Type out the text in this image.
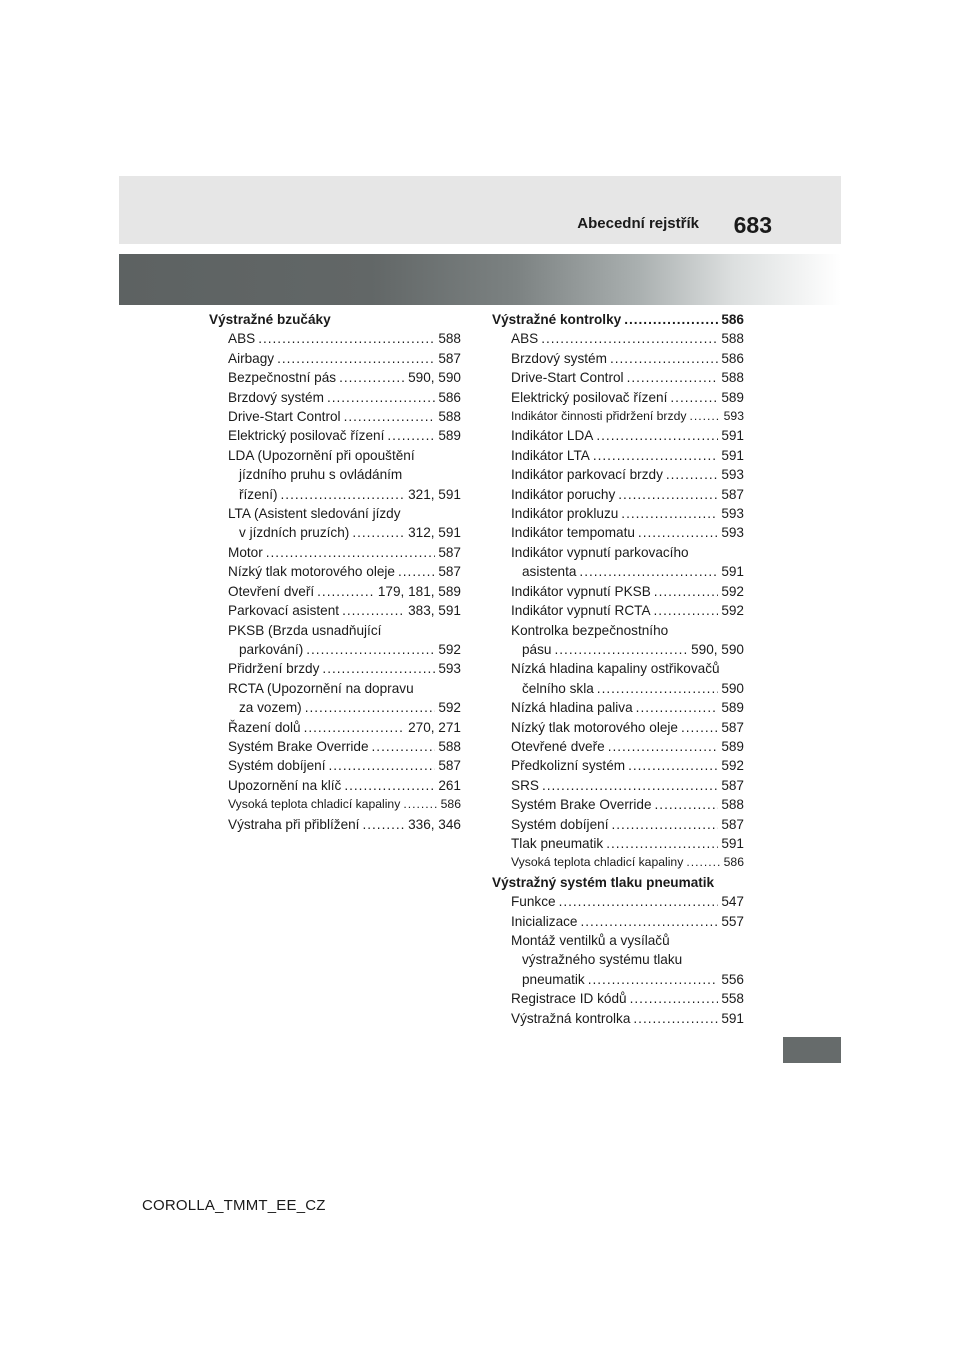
Abecední rejstřík 683
Výstražné bzučáky
ABS .....	588
Airbagy .....	587
Bezpečnostní pás .....	590, 590
Brzdový systém .....	586
Drive-Start Control .....	588
Elektrický posilovač řízení .....	589
LDA (Upozornění při opouštění
jízdního pruhu s ovládáním
řízení) .....	321, 591
LTA (Asistent sledování jízdy
v jízdních pruzích) .....	312, 591
Motor .....	587
Nízký tlak motorového oleje .....	587
Otevření dveří .....	179, 181, 589
Parkovací asistent .....	383, 591
PKSB (Brzda usnadňující
parkování) .....	592
Přidržení brzdy .....	593
RCTA (Upozornění na dopravu
za vozem) .....	592
Řazení dolů .....	270, 271
Systém Brake Override .....	588
Systém dobíjení .....	587
Upozornění na klíč .....	261
Vysoká teplota chladicí kapaliny .....	586
Výstraha při přiblížení .....	336, 346
Výstražné kontrolky .....	586
ABS .....	588
Brzdový systém .....	586
Drive-Start Control .....	588
Elektrický posilovač řízení .....	589
Indikátor činnosti přidržení brzdy .....	593
Indikátor LDA .....	591
Indikátor LTA .....	591
Indikátor parkovací brzdy .....	593
Indikátor poruchy .....	587
Indikátor prokluzu .....	593
Indikátor tempomatu .....	593
Indikátor vypnutí parkovacího
asistenta .....	591
Indikátor vypnutí PKSB .....	592
Indikátor vypnutí RCTA .....	592
Kontrolka bezpečnostního
pásu .....	590, 590
Nízká hladina kapaliny ostřikovačů
čelního skla .....	590
Nízká hladina paliva .....	589
Nízký tlak motorového oleje .....	587
Otevřené dveře .....	589
Předkolizní systém .....	592
SRS .....	587
Systém Brake Override .....	588
Systém dobíjení .....	587
Tlak pneumatik .....	591
Vysoká teplota chladicí kapaliny .....	586
Výstražný systém tlaku pneumatik
Funkce .....	547
Inicializace .....	557
Montáž ventilků a vysílačů
výstražného systému tlaku
pneumatik .....	556
Registrace ID kódů .....	558
Výstražná kontrolka .....	591
COROLLA_TMMT_EE_CZ
